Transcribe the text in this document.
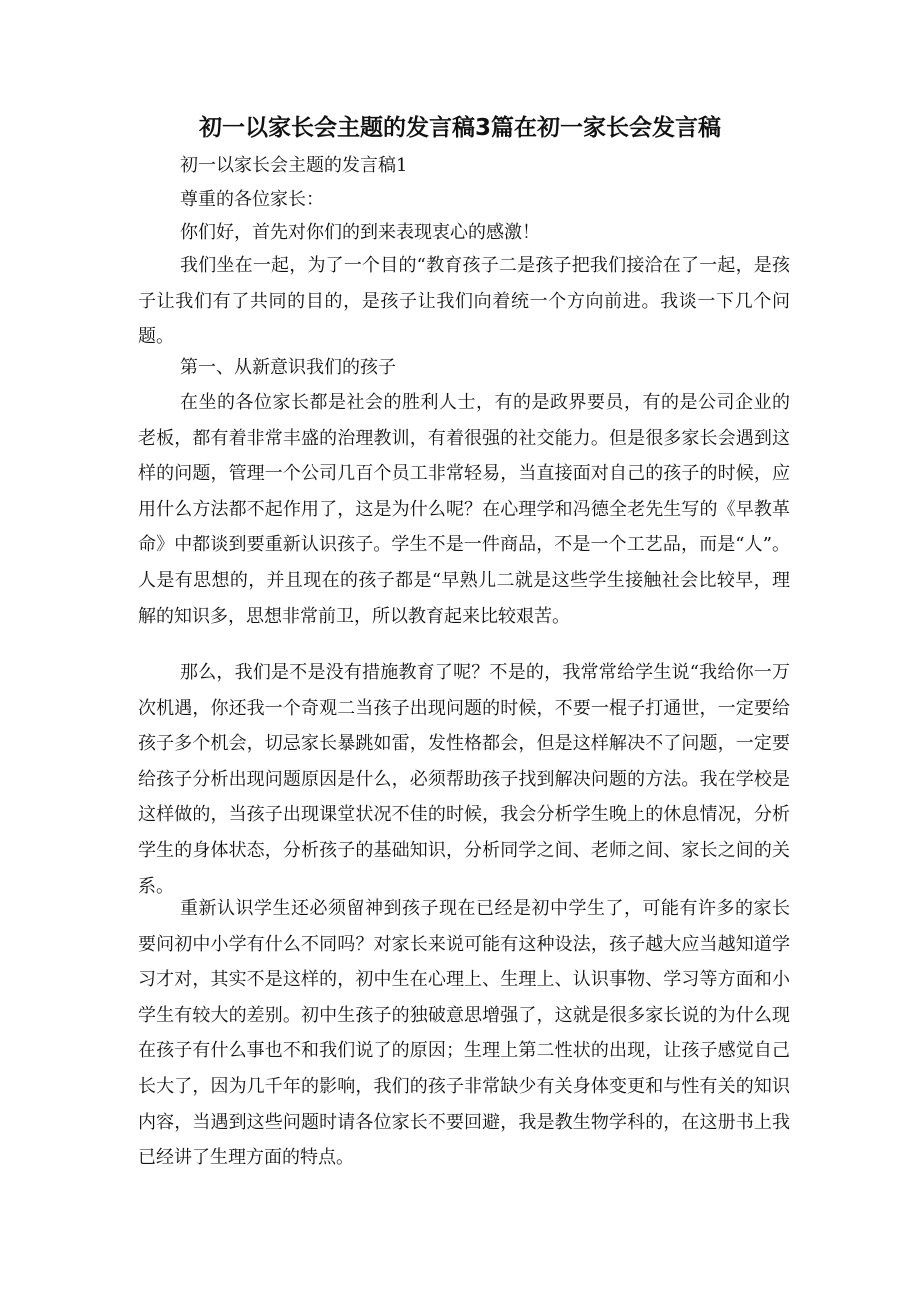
初一以家长会主题的发言稿3篇在初一家长会发言稿

初一以家长会主题的发言稿1

尊重的各位家长：

你们好，首先对你们的到来表现衷心的感激！

我们坐在一起，为了一个目的“教育孩子二是孩子把我们接洽在了一起，是孩子让我们有了共同的目的，是孩子让我们向着统一个方向前进。我谈一下几个问题。

第一、从新意识我们的孩子

在坐的各位家长都是社会的胜利人士，有的是政界要员，有的是公司企业的老板，都有着非常丰盛的治理教训，有着很强的社交能力。但是很多家长会遇到这样的问题，管理一个公司几百个员工非常轻易，当直接面对自己的孩子的时候，应用什么方法都不起作用了，这是为什么呢？在心理学和冯德全老先生写的《早教革命》中都谈到要重新认识孩子。学生不是一件商品，不是一个工艺品，而是“人”。人是有思想的，并且现在的孩子都是“早熟儿二就是这些学生接触社会比较早，理解的知识多，思想非常前卫，所以教育起来比较艰苦。

那么，我们是不是没有措施教育了呢？不是的，我常常给学生说“我给你一万次机遇，你还我一个奇观二当孩子出现问题的时候，不要一棍子打通世，一定要给孩子多个机会，切忌家长暴跳如雷，发性格都会，但是这样解决不了问题，一定要给孩子分析出现问题原因是什么，必须帮助孩子找到解决问题的方法。我在学校是这样做的，当孩子出现课堂状况不佳的时候，我会分析学生晚上的休息情况，分析学生的身体状态，分析孩子的基础知识，分析同学之间、老师之间、家长之间的关系。

重新认识学生还必须留神到孩子现在已经是初中学生了，可能有许多的家长要问初中小学有什么不同吗？对家长来说可能有这种设法，孩子越大应当越知道学习才对，其实不是这样的，初中生在心理上、生理上、认识事物、学习等方面和小学生有较大的差别。初中生孩子的独破意思增强了，这就是很多家长说的为什么现在孩子有什么事也不和我们说了的原因；生理上第二性状的出现，让孩子感觉自己长大了，因为几千年的影响，我们的孩子非常缺少有关身体变更和与性有关的知识内容，当遇到这些问题时请各位家长不要回避，我是教生物学科的，在这册书上我已经讲了生理方面的特点。
